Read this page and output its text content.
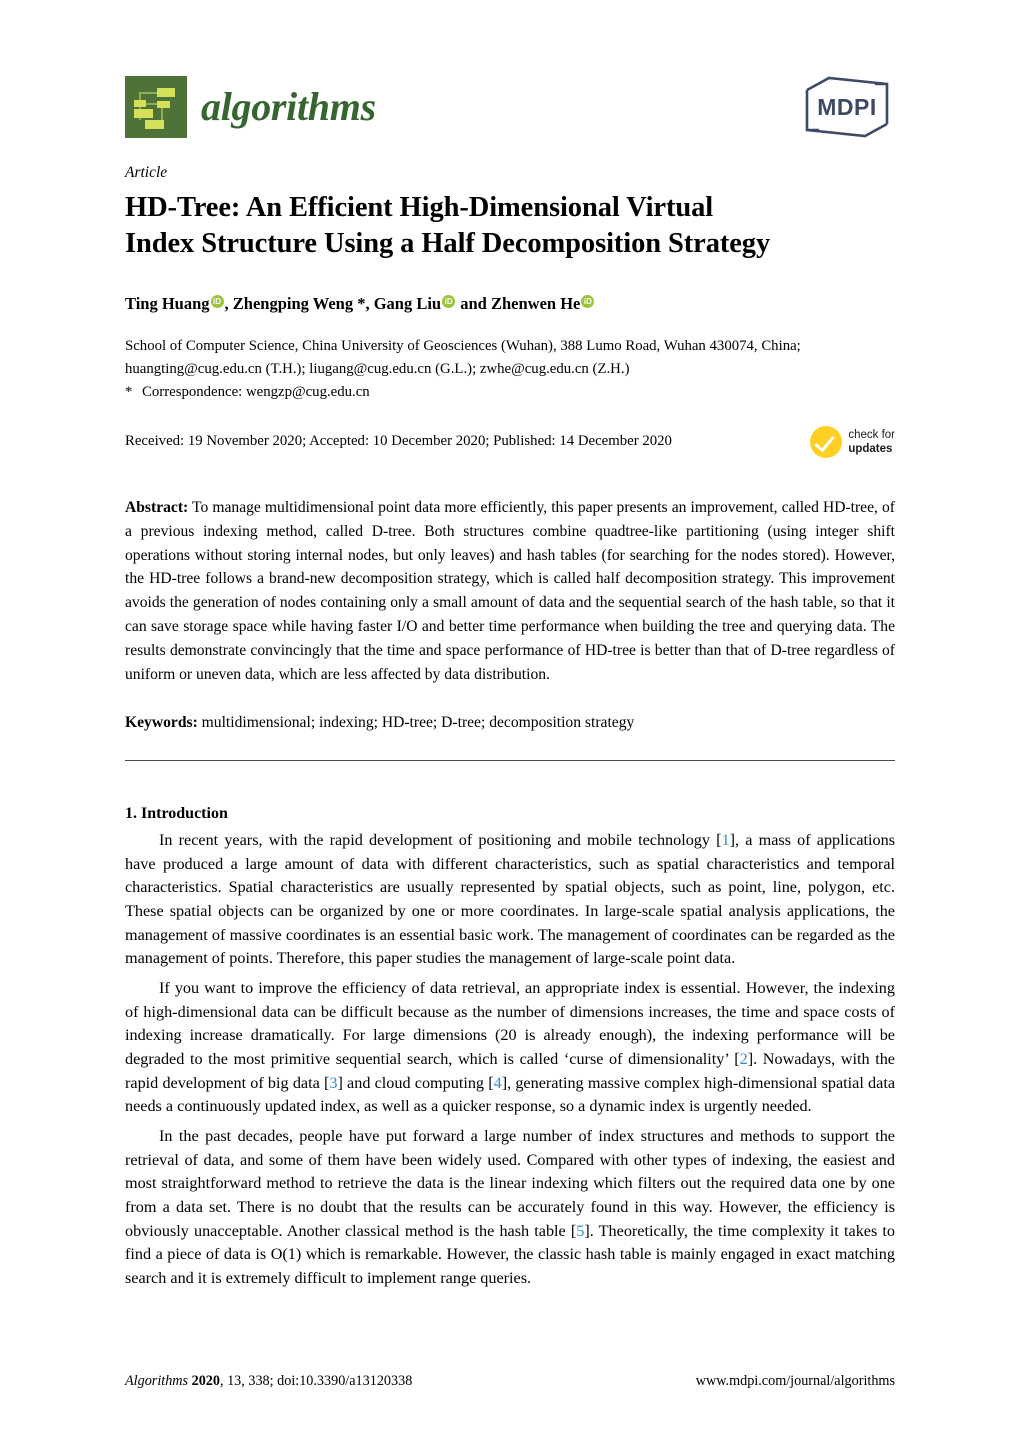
algorithms	MDPI
Article
HD-Tree: An Efficient High-Dimensional Virtual
Index Structure Using a Half Decomposition Strategy
Ting Huang iD , Zhengping Weng *, Gang LiuiD and Zhenwen HeiD
School of Computer Science, China University of Geosciences (Wuhan), 388 Lumo Road, Wuhan 430074, China;
huangting@cug.edu.cn (T.H.); liugang@cug.edu.cn (G.L.); zwhe@cug.edu.cn (Z.H.)
* Correspondence: wengzp@cug.edu.cn
Received: 19 November 2020; Accepted: 10 December 2020; Published: 14 December 2020	check for
updates

Abstract: To manage multidimensional point data more efficiently, this paper presents an improvement, called HD-tree, of a previous indexing method, called D-tree. Both structures combine quadtree-like partitioning (using integer shift operations without storing internal nodes, but only leaves) and hash tables (for searching for the nodes stored). However, the HD-tree follows a brand-new decomposition strategy, which is called half decomposition strategy. This improvement avoids the generation of nodes containing only a small amount of data and the sequential search of the hash table, so that it can save storage space while having faster I/O and better time performance when building the tree and querying data. The results demonstrate convincingly that the time and space performance of HD-tree is better than that of D-tree regardless of uniform or uneven data, which are less affected by data distribution.

Keywords: multidimensional; indexing; HD-tree; D-tree; decomposition strategy

1. Introduction

In recent years, with the rapid development of positioning and mobile technology [1], a mass of applications have produced a large amount of data with different characteristics, such as spatial characteristics and temporal characteristics. Spatial characteristics are usually represented by spatial objects, such as point, line, polygon, etc. These spatial objects can be organized by one or more coordinates. In large-scale spatial analysis applications, the management of massive coordinates is an essential basic work. The management of coordinates can be regarded as the management of points. Therefore, this paper studies the management of large-scale point data.

If you want to improve the efficiency of data retrieval, an appropriate index is essential. However, the indexing of high-dimensional data can be difficult because as the number of dimensions increases, the time and space costs of indexing increase dramatically. For large dimensions (20 is already enough), the indexing performance will be degraded to the most primitive sequential search, which is called ‘curse of dimensionality’ [2]. Nowadays, with the rapid development of big data [3] and cloud computing [4], generating massive complex high-dimensional spatial data needs a continuously updated index, as well as a quicker response, so a dynamic index is urgently needed.

In the past decades, people have put forward a large number of index structures and methods to support the retrieval of data, and some of them have been widely used. Compared with other types of indexing, the easiest and most straightforward method to retrieve the data is the linear indexing which filters out the required data one by one from a data set. There is no doubt that the results can be accurately found in this way. However, the efficiency is obviously unacceptable. Another classical method is the hash table [5]. Theoretically, the time complexity it takes to find a piece of data is O(1) which is remarkable. However, the classic hash table is mainly engaged in exact matching search and it is extremely difficult to implement range queries.

Algorithms 2020, 13, 338; doi:10.3390/a13120338	www.mdpi.com/journal/algorithms
